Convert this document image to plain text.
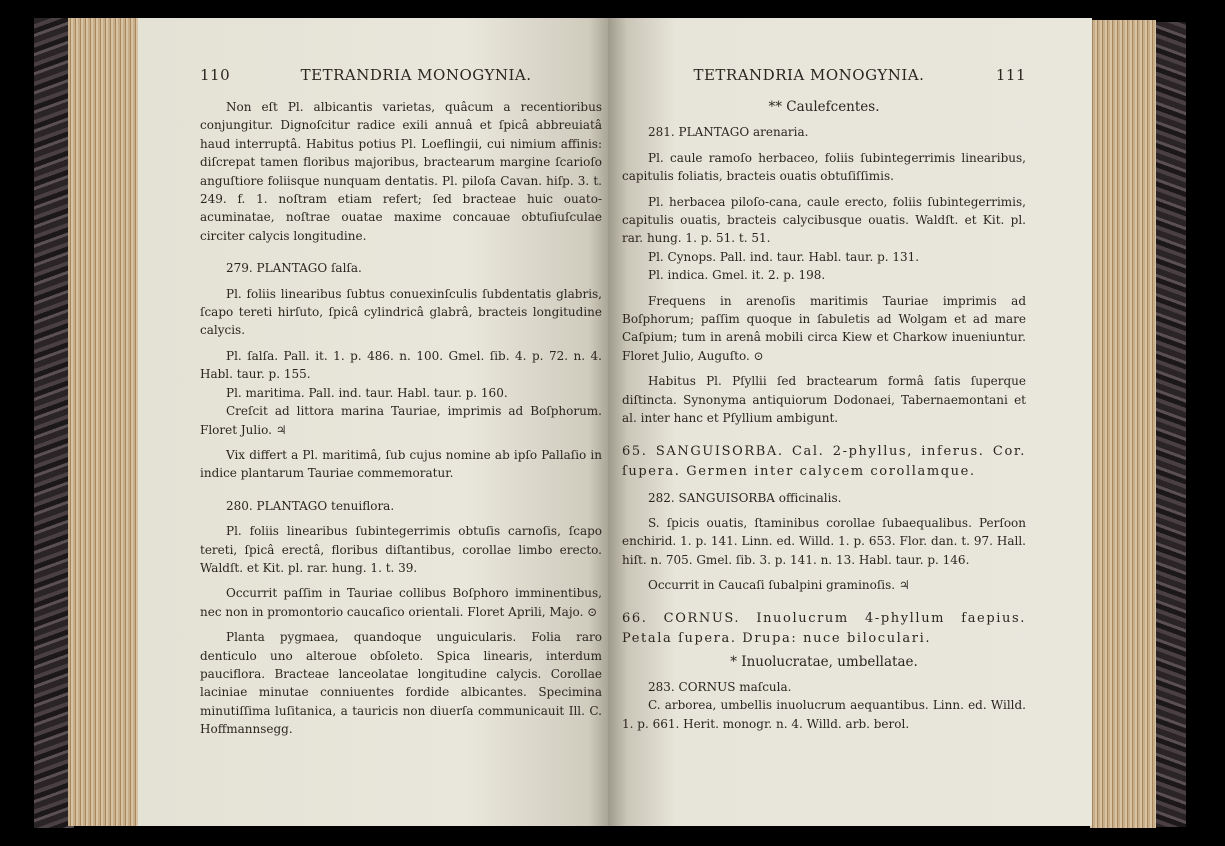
110	TETRANDRIA MONOGYNIA.

Non eſt Pl. albicantis varietas, quâcum a recentioribus conjungitur. Dignoſcitur radice exili annuâ et ſpicâ abbreuiatâ haud interruptâ. Habitus potius Pl. Loeflingii, cui nimium affinis: diſcrepat tamen floribus majoribus, bractearum margine ſcarioſo anguſtiore foliisque nunquam dentatis. Pl. piloſa Cavan. hiſp. 3. t. 249. f. 1. noſtram etiam refert; ſed bracteae huic ouato-acuminatae, noſtrae ouatae maxime concauae obtuſiuſculae circiter calycis longitudine.

279. PLANTAGO ſalſa.

Pl. foliis linearibus ſubtus conuexinſculis ſubdentatis glabris, ſcapo tereti hirſuto, ſpicâ cylindricâ glabrâ, bracteis longitudine calycis.

Pl. ſalſa. Pall. it. 1. p. 486. n. 100. Gmel. ſib. 4. p. 72. n. 4. Habl. taur. p. 155.

Pl. maritima. Pall. ind. taur. Habl. taur. p. 160.

Creſcit ad littora marina Tauriae, imprimis ad Boſphorum. Floret Julio. ♃

Vix differt a Pl. maritimâ, ſub cujus nomine ab ipſo Pallaſio in indice plantarum Tauriae commemoratur.

280. PLANTAGO tenuiflora.

Pl. foliis linearibus ſubintegerrimis obtuſis carnoſis, ſcapo tereti, ſpicâ erectâ, floribus diſtantibus, corollae limbo erecto. Waldſt. et Kit. pl. rar. hung. 1. t. 39.

Occurrit paſſim in Tauriae collibus Boſphoro imminentibus, nec non in promontorio caucaſico orientali. Floret Aprili, Majo. ⊙

Planta pygmaea, quandoque unguicularis. Folia raro denticulo uno alteroue obſoleto. Spica linearis, interdum pauciflora. Bracteae lanceolatae longitudine calycis. Corollae laciniae minutae conniuentes fordide albicantes. Specimina minutiſſima luſitanica, a tauricis non diuerſa communicauit Ill. C. Hoffmannsegg.

TETRANDRIA MONOGYNIA.	111

** Caulefcentes.

281. PLANTAGO arenaria.

Pl. caule ramoſo herbaceo, foliis ſubintegerrimis linearibus, capitulis foliatis, bracteis ouatis obtuſiſſimis.

Pl. herbacea piloſo-cana, caule erecto, foliis ſubintegerrimis, capitulis ouatis, bracteis calycibusque ouatis. Waldſt. et Kit. pl. rar. hung. 1. p. 51. t. 51.

Pl. Cynops. Pall. ind. taur. Habl. taur. p. 131.

Pl. indica. Gmel. it. 2. p. 198.

Frequens in arenoſis maritimis Tauriae imprimis ad Boſphorum; paſſim quoque in ſabuletis ad Wolgam et ad mare Caſpium; tum in arenâ mobili circa Kiew et Charkow inueniuntur. Floret Julio, Auguſto. ⊙

Habitus Pl. Pſyllii ſed bractearum formâ ſatis ſuperque diſtincta. Synonyma antiquiorum Dodonaei, Tabernaemontani et al. inter hanc et Pſyllium ambigunt.

65. SANGUISORBA. Cal. 2-phyllus, inferus. Cor. ſupera. Germen inter calycem corollamque.

282. SANGUISORBA officinalis.

S. ſpicis ouatis, ſtaminibus corollae ſubaequalibus. Perſoon enchirid. 1. p. 141. Linn. ed. Willd. 1. p. 653. Flor. dan. t. 97. Hall. hiſt. n. 705. Gmel. ſib. 3. p. 141. n. 13. Habl. taur. p. 146.

Occurrit in Caucaſi ſubalpini graminoſis. ♃

66. CORNUS. Inuolucrum 4-phyllum faepius. Petala ſupera. Drupa: nuce biloculari.

* Inuolucratae, umbellatae.

283. CORNUS maſcula.

C. arborea, umbellis inuolucrum aequantibus. Linn. ed. Willd. 1. p. 661. Herit. monogr. n. 4. Willd. arb. berol.
